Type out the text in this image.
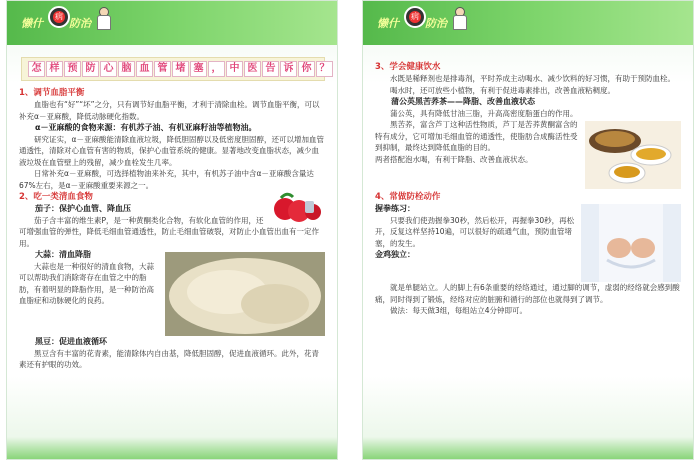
懒什
病
防治
怎 样 预 防 心 脑 血 管 堵 塞 ， 中 医 告 诉 你 ？

1、调节血脂平衡

血脂也有“好”“坏”之分，只有调节好血脂平衡，才利于清除血栓。调节血脂平衡，可以补充α－亚麻酸，降低动脉硬化指数。

α－亚麻酸的食物来源：有机苏子油、有机亚麻籽油等植物油。

研究证实，α－亚麻酸能清除血液垃圾，降低胆固醇以及低密度胆固醇，还可以增加血管通透性，清除对心血管有害的物质，保护心血管系统的健康。显著地改变血脂状态，减少血液垃圾在血管壁上的残留，减少血栓发生几率。

日常补充α－亚麻酸，可选择植物油来补充，其中，有机苏子油中含α－亚麻酸含量达67%左右，是α－亚麻酸重要来源之一。

2、吃一类清血食物

茄子：保护心血管、降血压

茄子含丰富的维生素P，是一种黄酮类化合物，有软化血管的作用，还可增强血管的弹性，降低毛细血管通透性，防止毛细血管破裂，对防止小血管出血有一定作用。

大蒜：清血降脂

大蒜也是一种很好的清血食物，大蒜可以帮助我们消除寄存在血管之中的脂肪，有着明显的降脂作用，是一种防治高血脂症和动脉硬化的良药。

黑豆：促进血液循环

黑豆含有丰富的花青素，能清除体内自由基，降低胆固醇，促进血液循环。此外，花青素还有护眼的功效。

懒什
病
防治

3、学会健康饮水

水既是稀释剂也是排毒剂，平时养成主动喝水、减少饮料的好习惯，有助于预防血栓。

喝水时，还可放些小植物，有利于促进毒素排出，改善血液粘稠度。

蒲公英黑苦荞茶——降脂、改善血液状态

蒲公英，具有降低甘油三脂，升高高密度脂蛋白的作用。

黑苦荞，富含芦丁这种活性物质，芦丁是苦荞黄酮富含的特有成分，它可增加毛细血管的通透性，使脂肪合成酶活性受到抑制，最终达到降低血脂的目的。

两者搭配泡水喝，有利于降脂、改善血液状态。

4、常做防栓动作

握拳练习：

只要我们使劲握拳30秒，然后松开，再握拳30秒，再松开，反复这样坚持10遍，可以很好的疏通气血，预防血管堵塞，的发生。

金鸡独立：

就是单腿站立。人的脚上有6条重要的经络通过，通过脚的调节，虚弱的经络就会感到酸痛，同时得到了锻炼，经络对应的脏腑和循行的部位也就得到了调节。

做法：每天做3组，每组站立4分钟即可。
